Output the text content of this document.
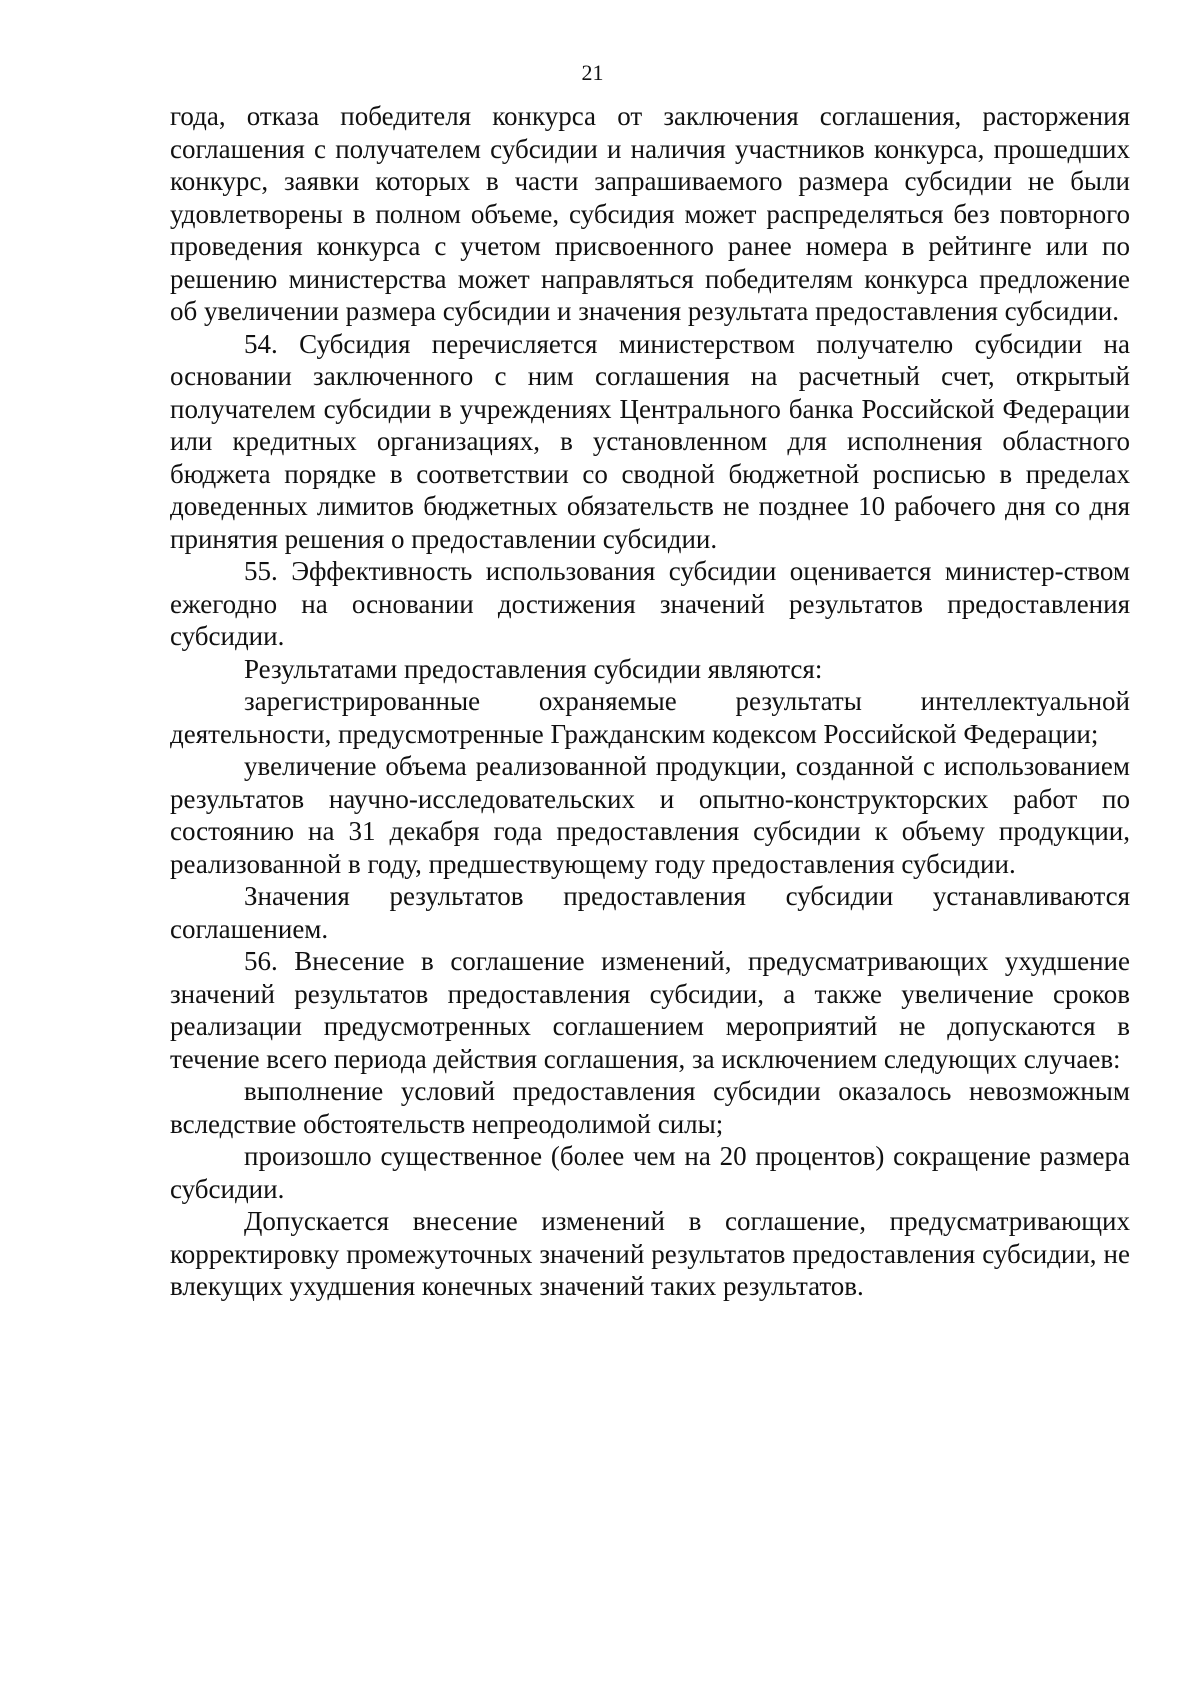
21

года, отказа победителя конкурса от заключения соглашения, расторжения соглашения с получателем субсидии и наличия участников конкурса, прошедших конкурс, заявки которых в части запрашиваемого размера субсидии не были удовлетворены в полном объеме, субсидия может распределяться без повторного проведения конкурса с учетом присвоенного ранее номера в рейтинге или по решению министерства может направляться победителям конкурса предложение об увеличении размера субсидии и значения результата предоставления субсидии.

54. Субсидия перечисляется министерством получателю субсидии на основании заключенного с ним соглашения на расчетный счет, открытый получателем субсидии в учреждениях Центрального банка Российской Федерации или кредитных организациях, в установленном для исполнения областного бюджета порядке в соответствии со сводной бюджетной росписью в пределах доведенных лимитов бюджетных обязательств не позднее 10 рабочего дня со дня принятия решения о предоставлении субсидии.

55. Эффективность использования субсидии оценивается министер-ством ежегодно на основании достижения значений результатов предоставления субсидии.

Результатами предоставления субсидии являются:

зарегистрированные охраняемые результаты интеллектуальной деятельности, предусмотренные Гражданским кодексом Российской Федерации;

увеличение объема реализованной продукции, созданной с использованием результатов научно-исследовательских и опытно-конструкторских работ по состоянию на 31 декабря года предоставления субсидии к объему продукции, реализованной в году, предшествующему году предоставления субсидии.

Значения результатов предоставления субсидии устанавливаются соглашением.

56. Внесение в соглашение изменений, предусматривающих ухудшение значений результатов предоставления субсидии, а также увеличение сроков реализации предусмотренных соглашением мероприятий не допускаются в течение всего периода действия соглашения, за исключением следующих случаев:

выполнение условий предоставления субсидии оказалось невозможным вследствие обстоятельств непреодолимой силы;

произошло существенное (более чем на 20 процентов) сокращение размера субсидии.

Допускается внесение изменений в соглашение, предусматривающих корректировку промежуточных значений результатов предоставления субсидии, не влекущих ухудшения конечных значений таких результатов.
